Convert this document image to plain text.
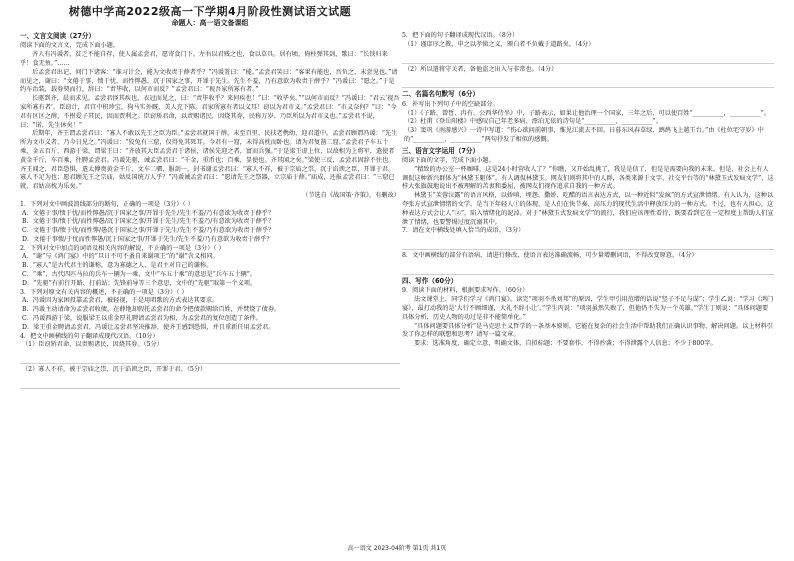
树德中学高2022级高一下学期4月阶段性测试语文试题
命题人：高一语文备课组
一、文言文阅读（27分）

阅读下面的文言文，完成下面小题。

齐人有冯谖者，贫乏不能自存，使人属孟尝君，愿寄食门下。左右以君贱之也，食以草具。居有顷，倚柱弹其剑，歌曰：“长铗归来乎！食无鱼。”……

后孟尝君出记，问门下诸客：“谁习计会，能为文收责于薛者乎？”冯谖署曰：“能。”孟尝君笑曰：“客果有能也，吾负之，未尝见也。”请而见之，谢曰：“文倦于事，愦于忧，而性懧愚，沉于国家之事，开罪于先生。先生不羞，乃有意欲为收责于薛乎？”冯谖曰：“愿之。”于是约车治装，载券契而行，辞曰：“责毕收，以何市而反？”孟尝君曰：“视吾家所寡有者。”

长驱到齐，晨而求见。孟尝君怪其疾也，衣冠而见之，曰：“责毕收乎？来何疾也！”曰：“收毕矣。”“以何市而反？”冯谖曰：“君云‘视吾家所寡有者’。臣窃计，君宫中积珍宝，狗马实外厩，美人充下陈。君家所寡有者以义耳！窃以为君市义。”孟尝君曰：“市义奈何？”曰：“今君有区区之薛，不拊爱子其民，因而贾利之。臣窃矫君命，以责赐诸民，因烧其券，民称万岁。乃臣所以为君市义也。”孟尝君不说，曰：“诺，先生休矣！”

后期年，齐王谓孟尝君曰：“寡人不敢以先王之臣为臣。”孟尝君就国于薛，未至百里，民扶老携幼，迎君道中。孟尝君顾谓冯谖：“先生所为文市义者，乃今日见之。”冯谖曰：“狡兔有三窟，仅得免其死耳。今君有一窟，未得高枕而卧也。请为君复凿二窟。”孟尝君予车五十乘，金五百斤，西游于梁，谓梁王曰：“齐放其大臣孟尝君于诸侯，诸侯先迎之者，富而兵强。”于是梁王虚上位，以故相为上将军，遣使者黄金千斤，车百乘，往聘孟尝君。冯谖先驱，诫孟尝君曰：“千金，重币也；百乘，显使也。齐其闻之矣。”梁使三反，孟尝君固辞不往也。齐王闻之，君臣恐惧，遣太傅赍黄金千斤、文车二驷，服剑一，封书谢孟尝君曰：“寡人不祥，被于宗庙之祟，沉于谄谀之臣，开罪于君。寡人不足为也；愿君顾先王之宗庙，姑反国统万人乎？”冯谖诫孟尝君曰：“愿请先王之祭器，立宗庙于薛。”庙成，还报孟尝君曰：“三窟已就，君姑高枕为乐矣。”

（节选自《战国策·齐策》，有删改）

1．下列对文中画波浪线部分的断句，正确的一项是（3分）（ ）

A．文倦于事/愦于忧/而性懧愚/沉于国家之事/开罪于先生/先生不羞/乃有意欲为收责于薛乎？

B．文倦于事/愦于忧/而性懧愚/沉于国家之事/开罪于先生/先生不羞乃/有意欲为收责于薛乎？

C．文倦于事/愦于忧/而性懧/愚沉于国家之事/开罪于先生/先生不羞/乃有意欲为收责于薛乎？

D．文倦于事愦/于忧而性懧愚/沉于国家之事/开罪于先生/先生不羞/乃有意欲为收责于薛乎？

2．下列对文中加点的词语及相关内容的解说，不正确的一项是（3分）（ ）

A．“谢”与《鸿门宴》中的“旦日不可不蚤自来谢项王”的“谢”含义相同。

B．“寡人”是古代君主的谦称，意为寡德之人，是君主对自己的谦称。

C．“乘”，古代四匹马拉的兵车一辆为一乘，文中“车五十乘”的意思是“兵车五十辆”。

D．“先驱”有前行开路、打前站；先锋前导等三个意思，文中的“先驱”取第一个义项。

3．下列对原文有关内容的概述，不正确的一项是（3分）（ ）

A．冯谖因为家困投靠孟尝君，被轻视，于是用唱歌的方式表达其要求。

B．冯谖主动请命为孟尝君收债，在薛地却假托孟尝君的命令把债款赐给百姓，并焚烧了债券。

C．冯谖西游于梁，说服梁王以重金厚礼聘请孟尝君为相，为孟尝君的复位创造了条件。

D．梁王重金聘请孟尝君，冯谖让孟尝君坚决推辞，使齐王感到恐惧，并且重新任用孟尝君。

4．把文中画横线的句子翻译成现代汉语。（10分）

（1）臣窃矫君命，以责赐诸民，因烧其券。（5分）

（2）寡人不祥，被于宗庙之祟，沉于谄谀之臣，开罪于君。（5分）

5．把下面的句子翻译成现代汉语。（8分）

（1）谨庠序之教，申之以孝悌之义，颁白者不负戴于道路矣。（4分）

（2）所以遣将守关者，备他盗之出入与非常也。（4分）

二、名篇名句默写（6分）

6．补写出下列句子中的空缺部分。

（1）《子路、曾皙、冉有、公西华侍坐》中，子路表示，如果让他治理一个国家，三年之后，可以使百姓“__________，__________”。

（2）杜甫《登岳阳楼》中感叹自己年老多病、漂泊无依的诗句是“__________，__________”。

（3）窦巩《南游感兴》一诗中写道：“伤心欲问前朝事，惟见江流去不回。日暮东风春草绿，鹧鸪飞上越王台。”由《杜位宅守岁》中的“__________，__________”两句抒发了相似的感慨。

三、语言文字运用（7分）

阅读下面的文字，完成下面小题。

“精致的办公室一杯咖啡，这是24小时营收人了？”你瞧，又开始乱挑了，我是是信了，但是是需要向我的未来。但是，社会上有人调侃这种新兴群体为“林黛玉躯体”。有人调侃林黛玉。网友们则将其中的人群，各类来源于文字、社交平台等的“林黛玉式发疯文学”，这样大张旗鼓地说出不被理解的苦衷和委屈，被网友们视作追求自我的一种方式。

林黛玉“芙蓉泣露”的语言风格，以娇嗔、埋怨、撒娇、吃醋的语言表达方式，以一种近似“发疯”的方式宣泄情绪。有人认为，这种以夸张方式宣泄情绪的文学，是当下年轻人①的体现，是人们在快节奏、高压力的现代生活中释放压力的一种方式。不过，也有人担心，这种表达方式会让人“②”，陷入情绪化的泥淖。对于“林黛玉式发疯文学”的流行，我们应该理性看待，既要看到它在一定程度上帮助人们宣泄了情绪，也要警惕过度沉溺其中。

7．请在文中横线处填入恰当的成语。（3分）

8．文中画横线的部分有语病，请进行修改，使语言表达准确流畅，可少量增删词语，不得改变原意。（4分）

四、写作（60分）

9．阅读下面的材料，根据要求写作。（60分）

法文课堂上，同学们学习《鸿门宴》。读完“项羽不杀刘邦”的原因，学生甲引用范增的话说“竖子不足与谋”；学生乙说：“学习《鸿门宴》，最打动我的是‘大行不顾细谨，大礼不辞小让’。”学生丙说：“项羽虽然失败了，但他仍不失为一个英雄。”学生丁则说：“具体问题要具体分析，历史人物的功过是非不能简单化。”

“具体问题要具体分析”是马克思主义哲学的一条基本原则，它能在复杂的社会生活中帮助我们正确认识事物、解决问题。以上材料引发了你怎样的联想和思考？请写一篇文章。

要求：选准角度，确定立意，明确文体，自拟标题；不要套作，不得抄袭；不得泄露个人信息；不少于800字。

高一语文 2023-04阶考 第1页 共1页
